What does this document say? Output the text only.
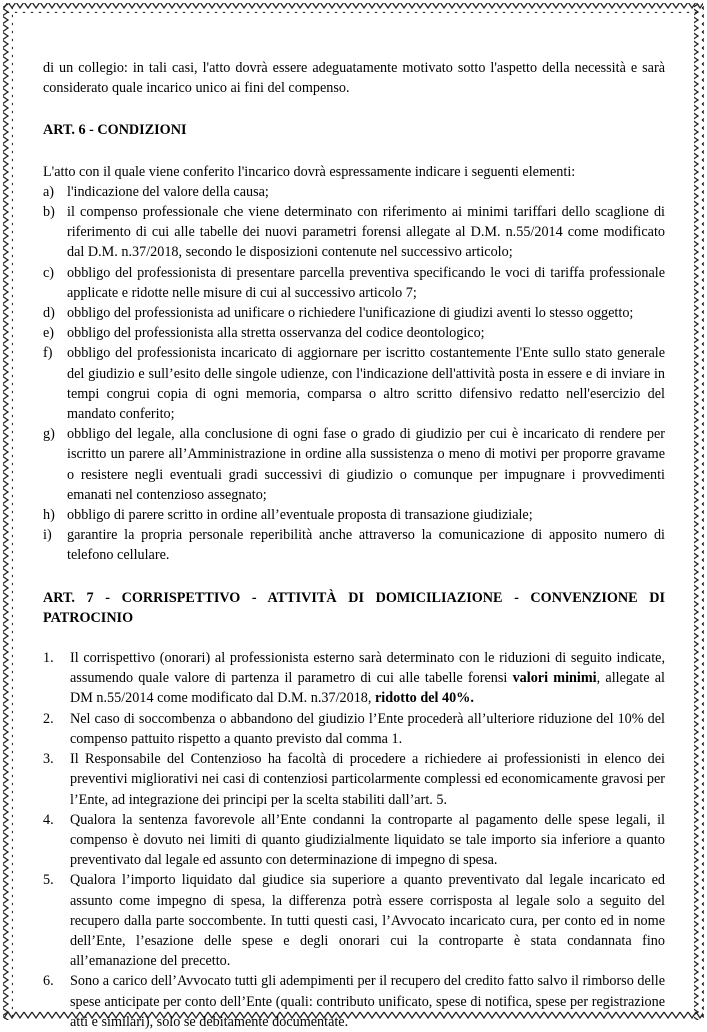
di un collegio: in tali casi, l'atto dovrà essere adeguatamente motivato sotto l'aspetto della necessità e sarà considerato quale incarico unico ai fini del compenso.

ART. 6 - CONDIZIONI

L'atto con il quale viene conferito l'incarico dovrà espressamente indicare i seguenti elementi:

a) l'indicazione del valore della causa;
b) il compenso professionale che viene determinato con riferimento ai minimi tariffari dello scaglione di riferimento di cui alle tabelle dei nuovi parametri forensi allegate al D.M. n.55/2014 come modificato dal D.M. n.37/2018, secondo le disposizioni contenute nel successivo articolo;
c) obbligo del professionista di presentare parcella preventiva specificando le voci di tariffa professionale applicate e ridotte nelle misure di cui al successivo articolo 7;
d) obbligo del professionista ad unificare o richiedere l'unificazione di giudizi aventi lo stesso oggetto;
e) obbligo del professionista alla stretta osservanza del codice deontologico;
f) obbligo del professionista incaricato di aggiornare per iscritto costantemente l'Ente sullo stato generale del giudizio e sull’esito delle singole udienze, con l'indicazione dell'attività posta in essere e di inviare in tempi congrui copia di ogni memoria, comparsa o altro scritto difensivo redatto nell'esercizio del mandato conferito;
g) obbligo del legale, alla conclusione di ogni fase o grado di giudizio per cui è incaricato di rendere per iscritto un parere all’Amministrazione in ordine alla sussistenza o meno di motivi per proporre gravame o resistere negli eventuali gradi successivi di giudizio o comunque per impugnare i provvedimenti emanati nel contenzioso assegnato;
h) obbligo di parere scritto in ordine all’eventuale proposta di transazione giudiziale;
i) garantire la propria personale reperibilità anche attraverso la comunicazione di apposito numero di telefono cellulare.
ART. 7 - CORRISPETTIVO - ATTIVITÀ DI DOMICILIAZIONE - CONVENZIONE DI PATROCINIO
1. Il corrispettivo (onorari) al professionista esterno sarà determinato con le riduzioni di seguito indicate, assumendo quale valore di partenza il parametro di cui alle tabelle forensi valori minimi, allegate al DM n.55/2014 come modificato dal D.M. n.37/2018, ridotto del 40%.
2. Nel caso di soccombenza o abbandono del giudizio l’Ente procederà all’ulteriore riduzione del 10% del compenso pattuito rispetto a quanto previsto dal comma 1.
3. Il Responsabile del Contenzioso ha facoltà di procedere a richiedere ai professionisti in elenco dei preventivi migliorativi nei casi di contenziosi particolarmente complessi ed economicamente gravosi per l’Ente, ad integrazione dei principi per la scelta stabiliti dall’art. 5.
4. Qualora la sentenza favorevole all’Ente condanni la controparte al pagamento delle spese legali, il compenso è dovuto nei limiti di quanto giudizialmente liquidato se tale importo sia inferiore a quanto preventivato dal legale ed assunto con determinazione di impegno di spesa.
5. Qualora l’importo liquidato dal giudice sia superiore a quanto preventivato dal legale incaricato ed assunto come impegno di spesa, la differenza potrà essere corrisposta al legale solo a seguito del recupero dalla parte soccombente. In tutti questi casi, l’Avvocato incaricato cura, per conto ed in nome dell’Ente, l’esazione delle spese e degli onorari cui la controparte è stata condannata fino all’emanazione del precetto.
6. Sono a carico dell’Avvocato tutti gli adempimenti per il recupero del credito fatto salvo il rimborso delle spese anticipate per conto dell’Ente (quali: contributo unificato, spese di notifica, spese per registrazione atti e similari), solo se debitamente documentate.
